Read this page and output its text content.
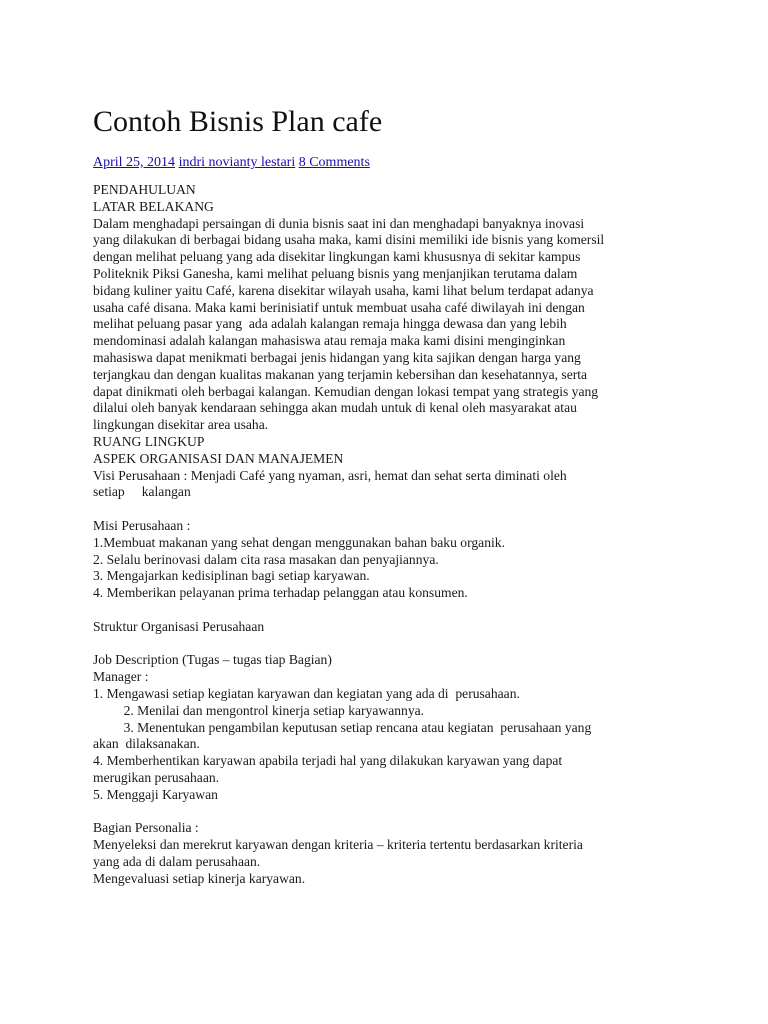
Contoh Bisnis Plan cafe
April 25, 2014 indri novianty lestari 8 Comments
PENDAHULUAN
LATAR BELAKANG
Dalam menghadapi persaingan di dunia bisnis saat ini dan menghadapi banyaknya inovasi
yang dilakukan di berbagai bidang usaha maka, kami disini memiliki ide bisnis yang komersil
dengan melihat peluang yang ada disekitar lingkungan kami khususnya di sekitar kampus
Politeknik Piksi Ganesha, kami melihat peluang bisnis yang menjanjikan terutama dalam
bidang kuliner yaitu Café, karena disekitar wilayah usaha, kami lihat belum terdapat adanya
usaha café disana. Maka kami berinisiatif untuk membuat usaha café diwilayah ini dengan
melihat peluang pasar yang  ada adalah kalangan remaja hingga dewasa dan yang lebih
mendominasi adalah kalangan mahasiswa atau remaja maka kami disini menginginkan
mahasiswa dapat menikmati berbagai jenis hidangan yang kita sajikan dengan harga yang
terjangkau dan dengan kualitas makanan yang terjamin kebersihan dan kesehatannya, serta
dapat dinikmati oleh berbagai kalangan. Kemudian dengan lokasi tempat yang strategis yang
dilalui oleh banyak kendaraan sehingga akan mudah untuk di kenal oleh masyarakat atau
lingkungan disekitar area usaha.
RUANG LINGKUP
ASPEK ORGANISASI DAN MANAJEMEN
Visi Perusahaan : Menjadi Café yang nyaman, asri, hemat dan sehat serta diminati oleh
setiap     kalangan
Misi Perusahaan :
1.Membuat makanan yang sehat dengan menggunakan bahan baku organik.
2. Selalu berinovasi dalam cita rasa masakan dan penyajiannya.
3. Mengajarkan kedisiplinan bagi setiap karyawan.
4. Memberikan pelayanan prima terhadap pelanggan atau konsumen.
Struktur Organisasi Perusahaan
Job Description (Tugas – tugas tiap Bagian)
Manager :
1. Mengawasi setiap kegiatan karyawan dan kegiatan yang ada di  perusahaan.
2. Menilai dan mengontrol kinerja setiap karyawannya.
3. Menentukan pengambilan keputusan setiap rencana atau kegiatan  perusahaan yang
akan  dilaksanakan.
4. Memberhentikan karyawan apabila terjadi hal yang dilakukan karyawan yang dapat
merugikan perusahaan.
5. Menggaji Karyawan
Bagian Personalia :
Menyeleksi dan merekrut karyawan dengan kriteria – kriteria tertentu berdasarkan kriteria
yang ada di dalam perusahaan.
Mengevaluasi setiap kinerja karyawan.
